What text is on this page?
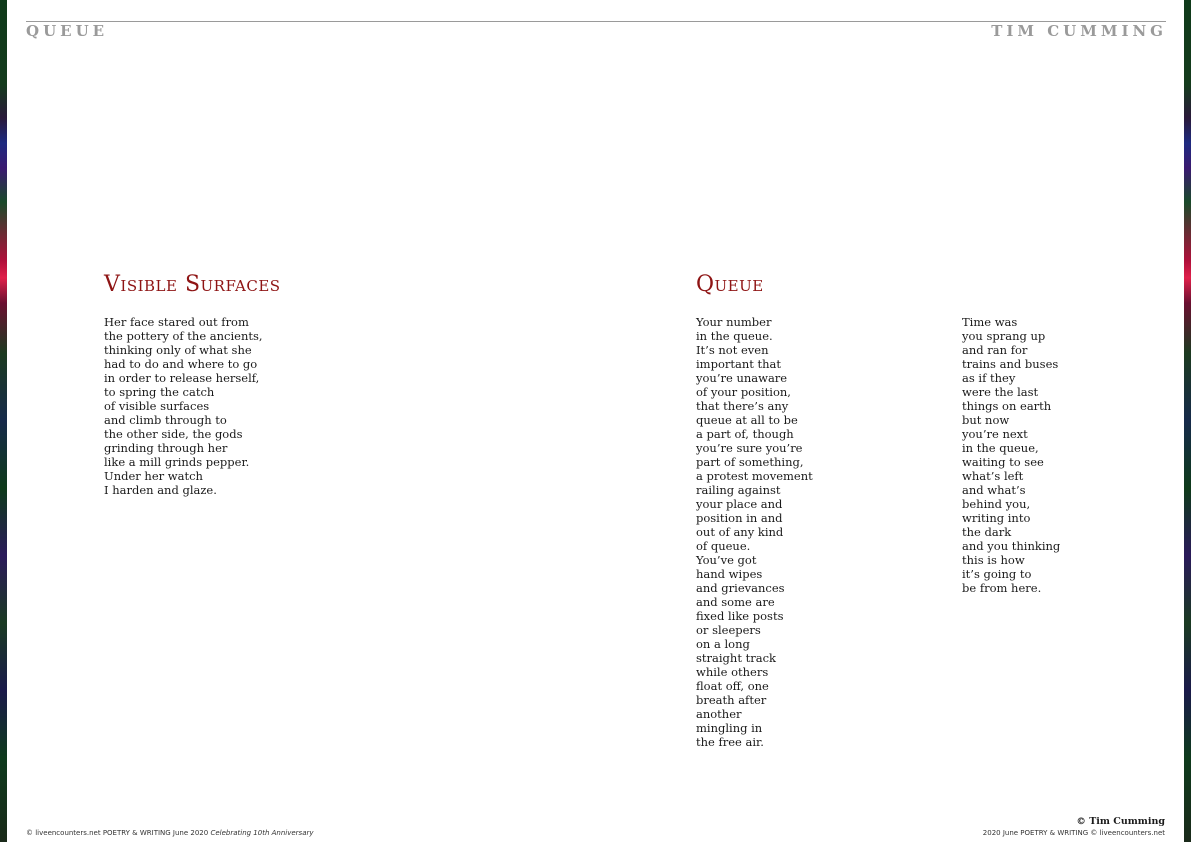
QUEUE	TIM CUMMING
Visible Surfaces
Her face stared out from
the pottery of the ancients,
thinking only of what she
had to do and where to go
in order to release herself,
to spring the catch
of visible surfaces
and climb through to
the other side, the gods
grinding through her
like a mill grinds pepper.
Under her watch
I harden and glaze.
Queue
Your number
in the queue.
It’s not even
important that
you’re unaware
of your position,
that there’s any
queue at all to be
a part of, though
you’re sure you’re
part of something,
a protest movement
railing against
your place and
position in and
out of any kind
of queue.
You’ve got
hand wipes
and grievances
and some are
fixed like posts
or sleepers
on a long
straight track
while others
float off, one
breath after
another
mingling in
the free air.
Time was
you sprang up
and ran for
trains and buses
as if they
were the last
things on earth
but now
you’re next
in the queue,
waiting to see
what’s left
and what’s
behind you,
writing into
the dark
and you thinking
this is how
it’s going to
be from here.
© liveencounters.net POETRY & WRITING June 2020 Celebrating 10th Anniversary
© Tim Cumming
2020 June POETRY & WRITING © liveencounters.net
